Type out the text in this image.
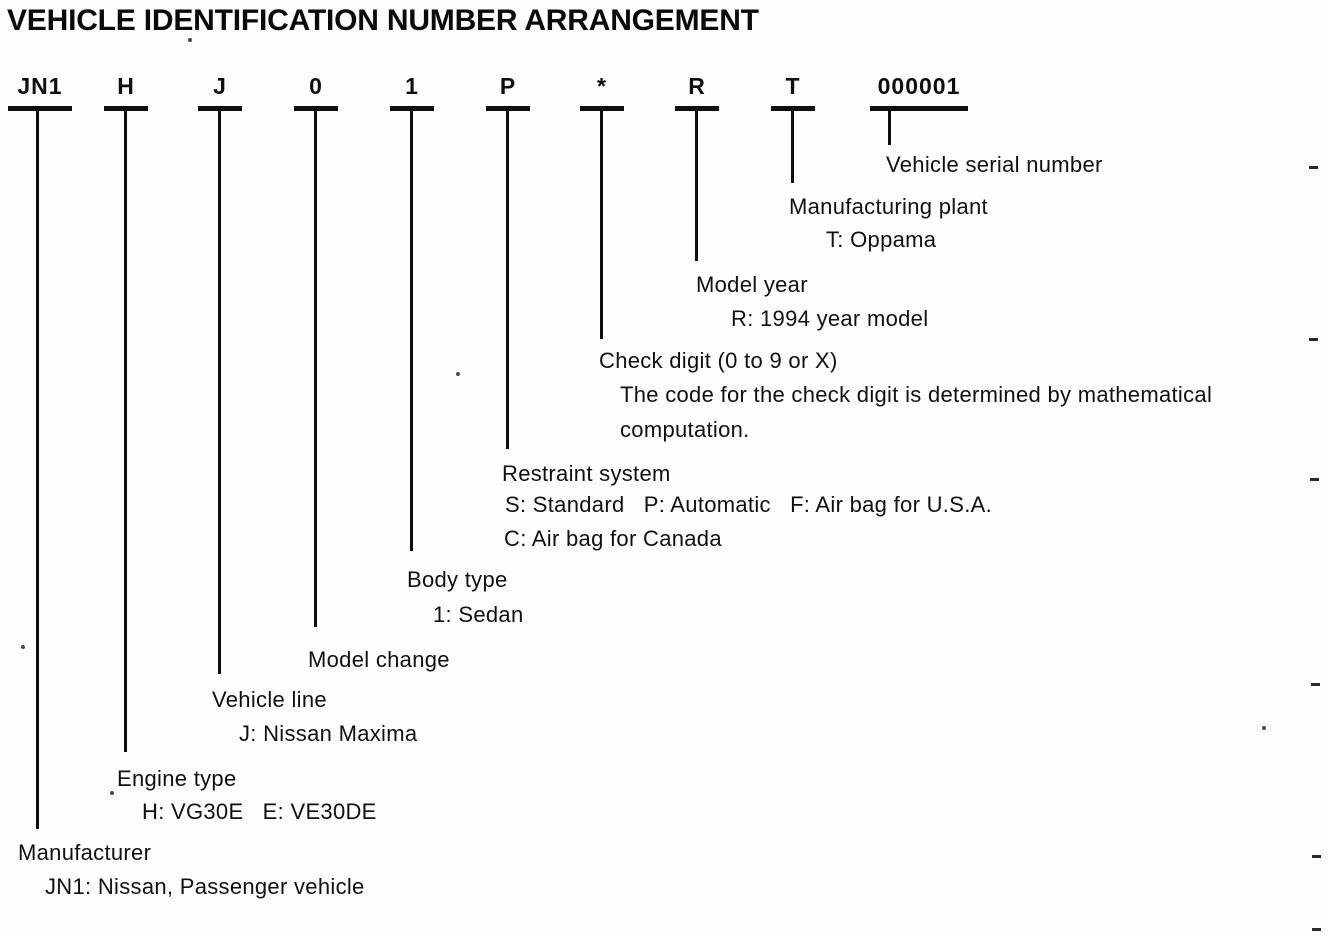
VEHICLE IDENTIFICATION NUMBER ARRANGEMENT
JN1	H	J	0	1	P	*	R	T	000001
Vehicle serial number
Manufacturing plant
T: Oppama
Model year
R: 1994 year model
Check digit (0 to 9 or X)
The code for the check digit is determined by mathematical
computation.
Restraint system
S: Standard   P: Automatic   F: Air bag for U.S.A.
C: Air bag for Canada
Body type
1: Sedan
Model change
Vehicle line
J: Nissan Maxima
Engine type
H: VG30E   E: VE30DE
Manufacturer
JN1: Nissan, Passenger vehicle
